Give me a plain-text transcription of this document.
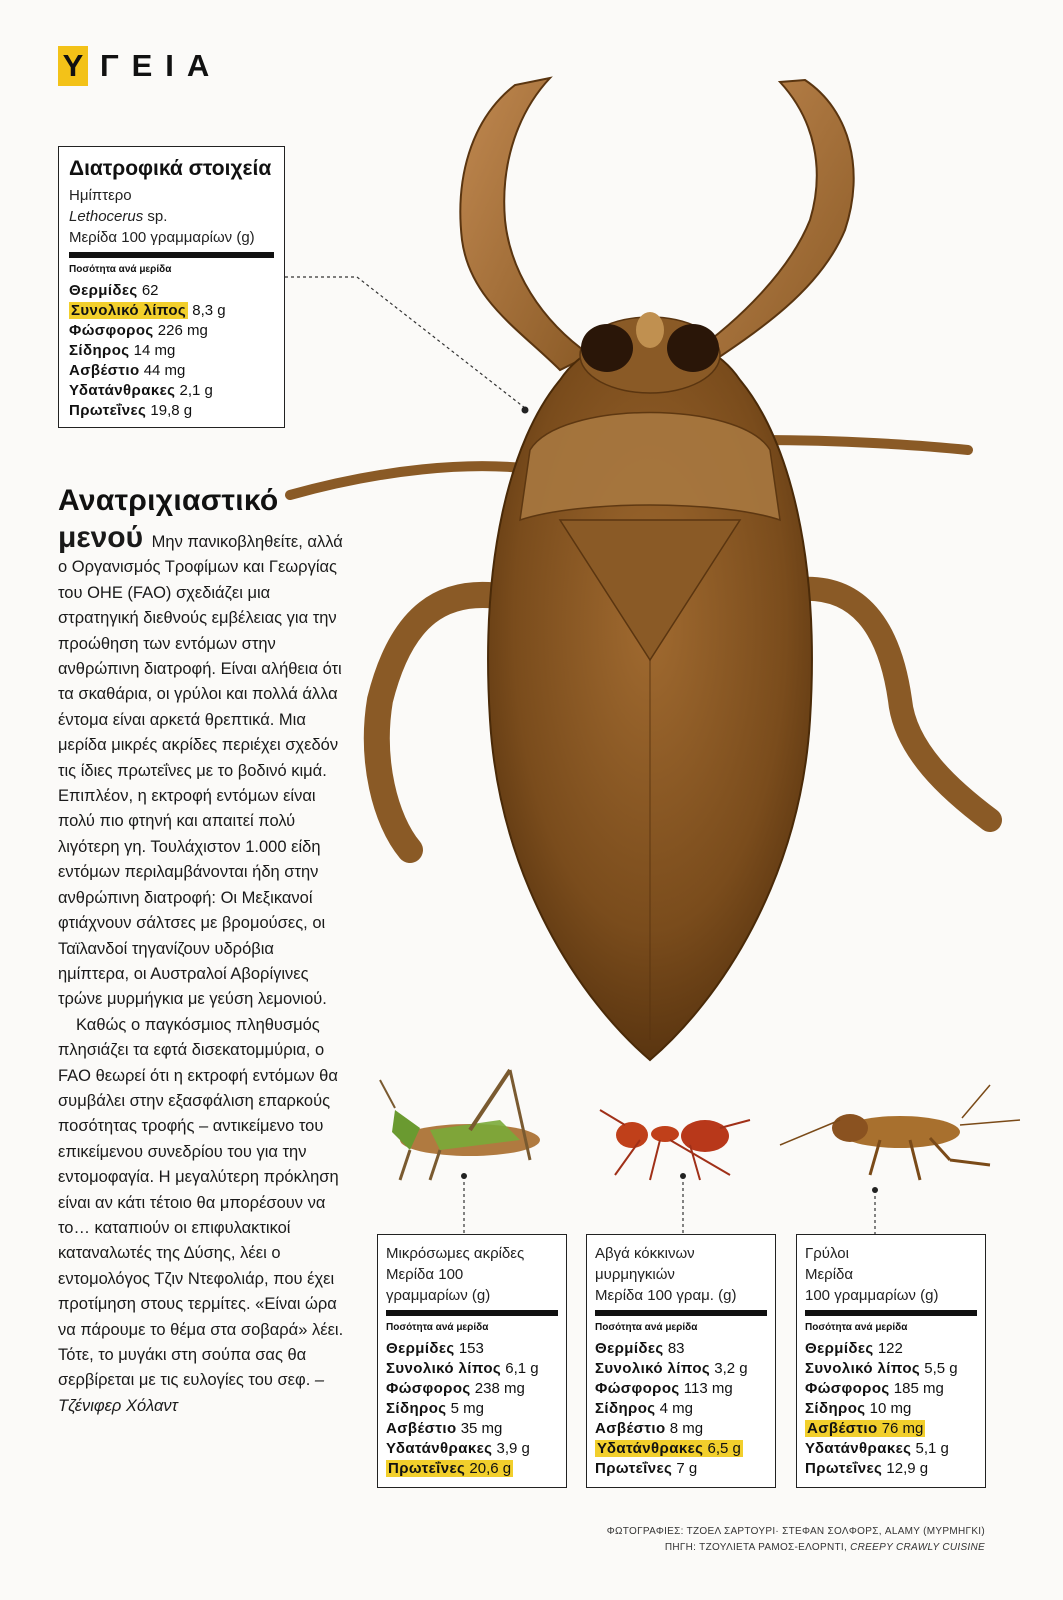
Υ ΓΕΙΑ
Διατροφικά στοιχεία
Ημίπτερο
Lethocerus sp.
Μερίδα 100 γραμμαρίων (g)
Ποσότητα ανά μερίδα
Θερμίδες 62
Συνολικό λίπος 8,3 g
Φώσφορος 226 mg
Σίδηρος 14 mg
Ασβέστιο 44 mg
Υδατάνθρακες 2,1 g
Πρωτεΐνες 19,8 g
Ανατριχιαστικό

μενού Μην πανικοβληθείτε, αλλά ο Οργανισμός Τροφίμων και Γεωργίας του ΟΗΕ (FAO) σχεδιάζει μια στρατηγική διεθνούς εμβέλειας για την προώθηση των εντόμων στην ανθρώπινη διατροφή. Είναι αλήθεια ότι τα σκαθάρια, οι γρύλοι και πολλά άλλα έντομα είναι αρκετά θρεπτικά. Μια μερίδα μικρές ακρίδες περιέχει σχεδόν τις ίδιες πρωτεΐνες με το βοδινό κιμά. Επιπλέον, η εκτροφή εντόμων είναι πολύ πιο φτηνή και απαιτεί πολύ λιγότερη γη. Τουλάχιστον 1.000 είδη εντόμων περιλαμβάνονται ήδη στην ανθρώπινη διατροφή: Οι Μεξικανοί φτιάχνουν σάλτσες με βρομούσες, οι Ταϊλανδοί τηγανίζουν υδρόβια ημίπτερα, οι Αυστραλοί Αβορίγινες τρώνε μυρμήγκια με γεύση λεμονιού.

Καθώς ο παγκόσμιος πληθυσμός πλησιάζει τα εφτά δισεκατομμύρια, ο FAO θεωρεί ότι η εκτροφή εντόμων θα συμβάλει στην εξασφάλιση επαρκούς ποσότητας τροφής – αντικείμενο του επικείμενου συνεδρίου του για την εντομοφαγία. Η μεγαλύτερη πρόκληση είναι αν κάτι τέτοιο θα μπορέσουν να το… καταπιούν οι επιφυλακτικοί καταναλωτές της Δύσης, λέει ο εντομολόγος Τζιν Ντεφολιάρ, που έχει προτίμηση στους τερμίτες. «Είναι ώρα να πάρουμε το θέμα στα σοβαρά» λέει. Τότε, το μυγάκι στη σούπα σας θα σερβίρεται με τις ευλογίες του σεφ. –Τζένιφερ Χόλαντ

Μικρόσωμες ακρίδες
Μερίδα 100
γραμμαρίων (g)
Ποσότητα ανά μερίδα
Θερμίδες 153
Συνολικό λίπος 6,1 g
Φώσφορος 238 mg
Σίδηρος 5 mg
Ασβέστιο 35 mg
Υδατάνθρακες 3,9 g
Πρωτεΐνες 20,6 g
Αβγά κόκκινων
μυρμηγκιών
Μερίδα 100 γραμ. (g)
Ποσότητα ανά μερίδα
Θερμίδες 83
Συνολικό λίπος 3,2 g
Φώσφορος 113 mg
Σίδηρος 4 mg
Ασβέστιο 8 mg
Υδατάνθρακες 6,5 g
Πρωτεΐνες 7 g
Γρύλοι
Μερίδα
100 γραμμαρίων (g)
Ποσότητα ανά μερίδα
Θερμίδες 122
Συνολικό λίπος 5,5 g
Φώσφορος 185 mg
Σίδηρος 10 mg
Ασβέστιο 76 mg
Υδατάνθρακες 5,1 g
Πρωτεΐνες 12,9 g
ΦΩΤΟΓΡΑΦΙΕΣ: ΤΖΟΕΛ ΣΑΡΤΟΥΡΙ· ΣΤΕΦΑΝ ΣΟΛΦΟΡΣ, ALAMY (ΜΥΡΜΗΓΚΙ)
ΠΗΓΗ: ΤΖΟΥΛΙΕΤΑ ΡΑΜΟΣ-ΕΛΟΡΝΤΙ, CREEPY CRAWLY CUISINE
